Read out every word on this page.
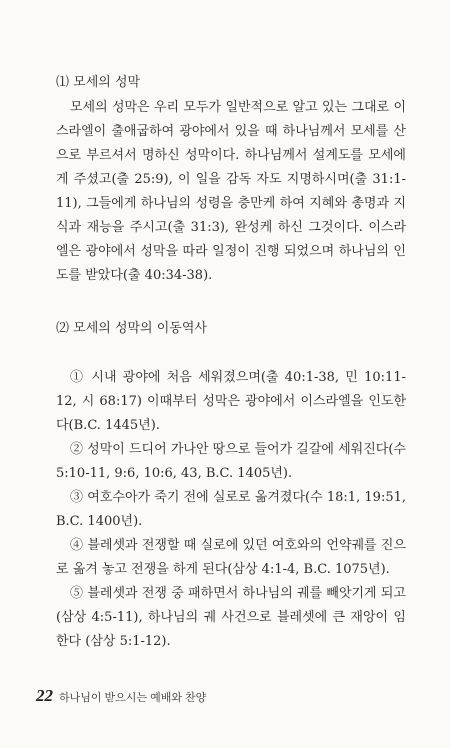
⑴ 모세의 성막

모세의 성막은 우리 모두가 일반적으로 알고 있는 그대로 이스라엘이 출애굽하여 광야에서 있을 때 하나님께서 모세를 산으로 부르셔서 명하신 성막이다. 하나님께서 설계도를 모세에게 주셨고(출 25:9), 이 일을 감독 자도 지명하시며(출 31:1-11), 그들에게 하나님의 성령을 충만케 하여 지혜와 총명과 지식과 재능을 주시고(출 31:3), 완성케 하신 그것이다. 이스라엘은 광야에서 성막을 따라 일정이 진행 되었으며 하나님의 인도를 받았다(출 40:34-38).

⑵ 모세의 성막의 이동역사

① 시내 광야에 처음 세워졌으며(출 40:1-38, 민 10:11-12, 시 68:17) 이때부터 성막은 광야에서 이스라엘을 인도한다(B.C. 1445년).

② 성막이 드디어 가나안 땅으로 들어가 길갈에 세워진다(수 5:10-11, 9:6, 10:6, 43, B.C. 1405년).

③ 여호수아가 죽기 전에 실로로 옮겨졌다(수 18:1, 19:51, B.C. 1400년).

④ 블레셋과 전쟁할 때 실로에 있던 여호와의 언약궤를 진으로 옮겨 놓고 전쟁을 하게 된다(삼상 4:1-4, B.C. 1075년).

⑤ 블레셋과 전쟁 중 패하면서 하나님의 궤를 빼앗기게 되고 (삼상 4:5-11), 하나님의 궤 사건으로 블레셋에 큰 재앙이 임한다 (삼상 5:1-12).

22 하나님이 받으시는 예배와 찬양
